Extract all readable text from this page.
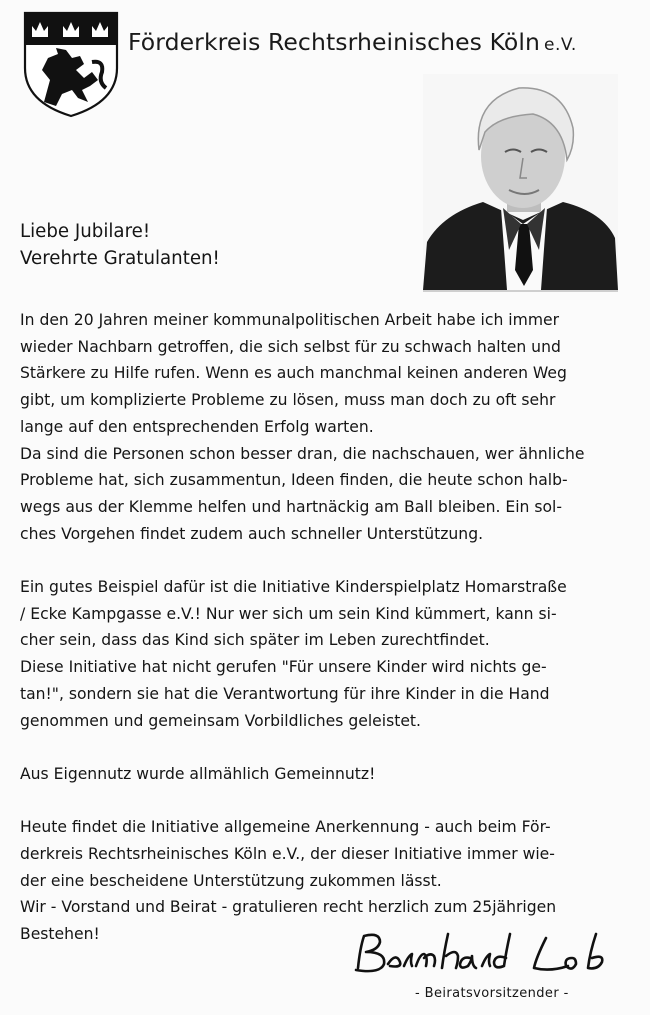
Förderkreis Rechtsrheinisches Köln e.V.
Liebe Jubilare!
Verehrte Gratulanten!
In den 20 Jahren meiner kommunalpolitischen Arbeit habe ich immer
wieder Nachbarn getroffen, die sich selbst für zu schwach halten und
Stärkere zu Hilfe rufen. Wenn es auch manchmal keinen anderen Weg
gibt, um komplizierte Probleme zu lösen, muss man doch zu oft sehr
lange auf den entsprechenden Erfolg warten.
Da sind die Personen schon besser dran, die nachschauen, wer ähnliche
Probleme hat, sich zusammentun, Ideen finden, die heute schon halb-
wegs aus der Klemme helfen und hartnäckig am Ball bleiben. Ein sol-
ches Vorgehen findet zudem auch schneller Unterstützung.
Ein gutes Beispiel dafür ist die Initiative Kinderspielplatz Homarstraße
/ Ecke Kampgasse e.V.! Nur wer sich um sein Kind kümmert, kann si-
cher sein, dass das Kind sich später im Leben zurechtfindet.
Diese Initiative hat nicht gerufen "Für unsere Kinder wird nichts ge-
tan!", sondern sie hat die Verantwortung für ihre Kinder in die Hand
genommen und gemeinsam Vorbildliches geleistet.
Aus Eigennutz wurde allmählich Gemeinnutz!
Heute findet die Initiative allgemeine Anerkennung - auch beim För-
derkreis Rechtsrheinisches Köln e.V., der dieser Initiative immer wie-
der eine bescheidene Unterstützung zukommen lässt.
Wir - Vorstand und Beirat - gratulieren recht herzlich zum 25jährigen
Bestehen!
- Beiratsvorsitzender -
